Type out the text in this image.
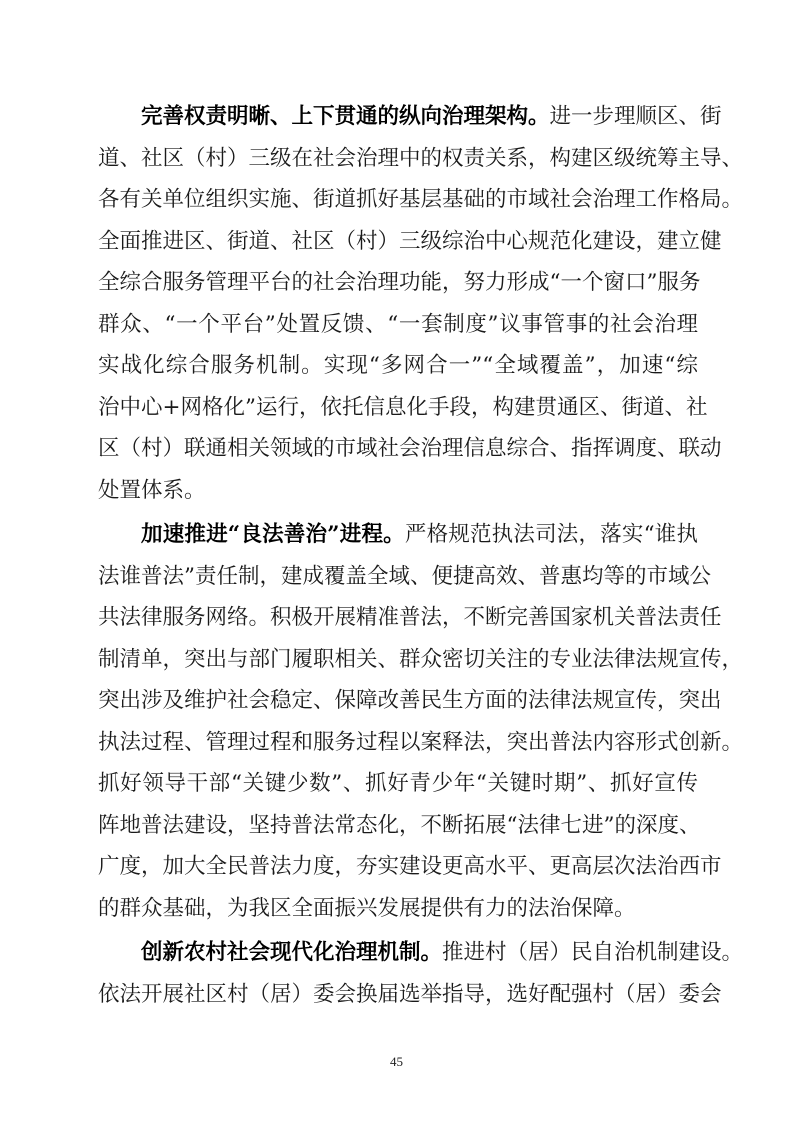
完善权责明晰、上下贯通的纵向治理架构。进一步理顺区、街
道、社区（村）三级在社会治理中的权责关系，构建区级统筹主导、
各有关单位组织实施、街道抓好基层基础的市域社会治理工作格局。
全面推进区、街道、社区（村）三级综治中心规范化建设，建立健
全综合服务管理平台的社会治理功能，努力形成“一个窗口”服务
群众、“一个平台”处置反馈、“一套制度”议事管事的社会治理
实战化综合服务机制。实现“多网合一”“全域覆盖”，加速“综
治中心+网格化”运行，依托信息化手段，构建贯通区、街道、社
区（村）联通相关领域的市域社会治理信息综合、指挥调度、联动
处置体系。
加速推进“良法善治”进程。严格规范执法司法，落实“谁执
法谁普法”责任制，建成覆盖全域、便捷高效、普惠均等的市域公
共法律服务网络。积极开展精准普法，不断完善国家机关普法责任
制清单，突出与部门履职相关、群众密切关注的专业法律法规宣传，
突出涉及维护社会稳定、保障改善民生方面的法律法规宣传，突出
执法过程、管理过程和服务过程以案释法，突出普法内容形式创新。
抓好领导干部“关键少数”、抓好青少年“关键时期”、抓好宣传
阵地普法建设，坚持普法常态化，不断拓展“法律七进”的深度、
广度，加大全民普法力度，夯实建设更高水平、更高层次法治西市
的群众基础，为我区全面振兴发展提供有力的法治保障。
创新农村社会现代化治理机制。推进村（居）民自治机制建设。
依法开展社区村（居）委会换届选举指导，选好配强村（居）委会
45
